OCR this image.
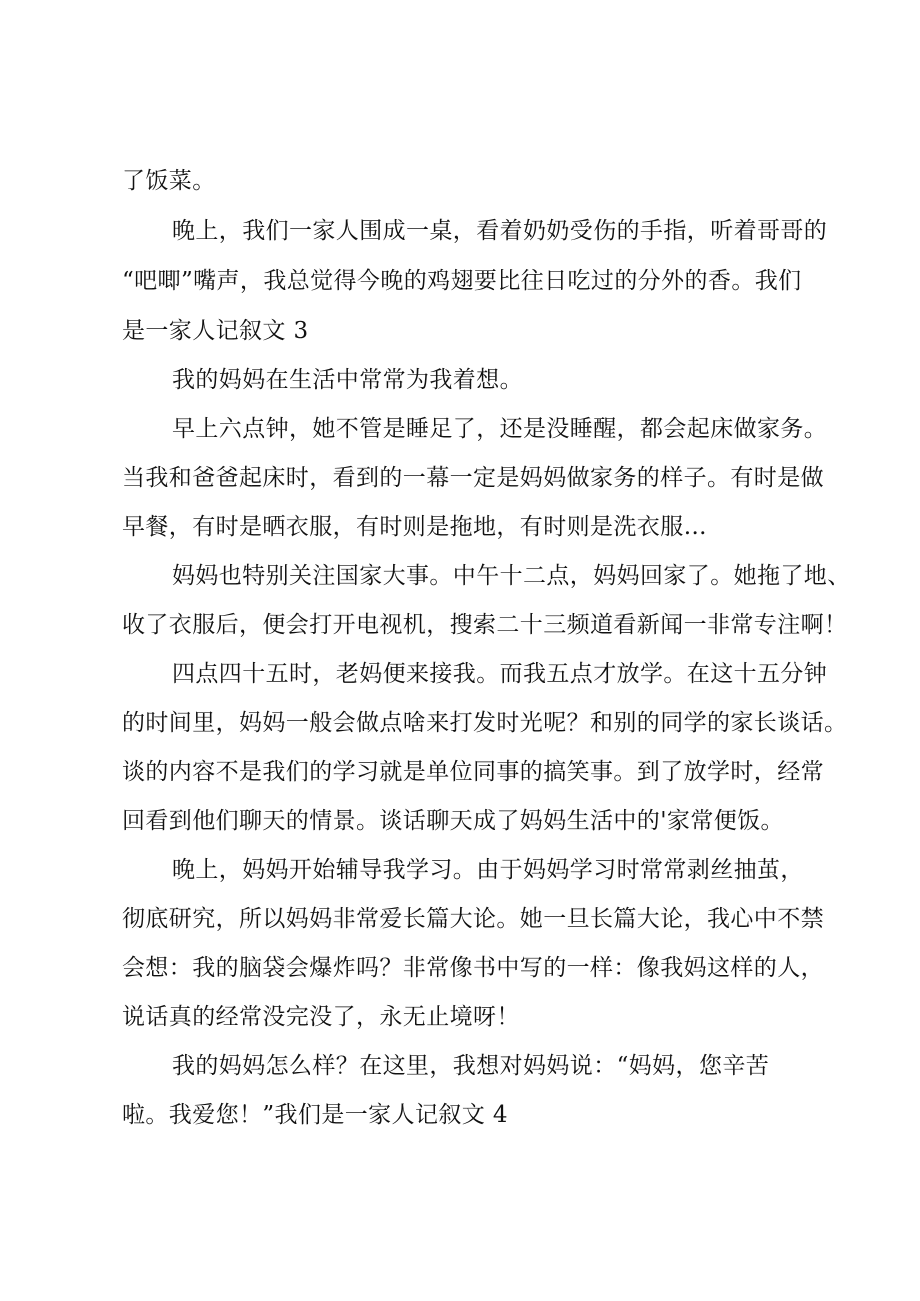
了饭菜。
晚上，我们一家人围成一桌，看着奶奶受伤的手指，听着哥哥的
“吧唧”嘴声，我总觉得今晚的鸡翅要比往日吃过的分外的香。我们
是一家人记叙文 3
我的妈妈在生活中常常为我着想。
早上六点钟，她不管是睡足了，还是没睡醒，都会起床做家务。
当我和爸爸起床时，看到的一幕一定是妈妈做家务的样子。有时是做
早餐，有时是晒衣服，有时则是拖地，有时则是洗衣服…
妈妈也特别关注国家大事。中午十二点，妈妈回家了。她拖了地、
收了衣服后，便会打开电视机，搜索二十三频道看新闻一非常专注啊！
四点四十五时，老妈便来接我。而我五点才放学。在这十五分钟
的时间里，妈妈一般会做点啥来打发时光呢？和别的同学的家长谈话。
谈的内容不是我们的学习就是单位同事的搞笑事。到了放学时，经常
回看到他们聊天的情景。谈话聊天成了妈妈生活中的'家常便饭。
晚上，妈妈开始辅导我学习。由于妈妈学习时常常剥丝抽茧，
彻底研究，所以妈妈非常爱长篇大论。她一旦长篇大论，我心中不禁
会想：我的脑袋会爆炸吗？非常像书中写的一样：像我妈这样的人，
说话真的经常没完没了，永无止境呀！
我的妈妈怎么样？在这里，我想对妈妈说：“妈妈，您辛苦
啦。我爱您！”我们是一家人记叙文 4
